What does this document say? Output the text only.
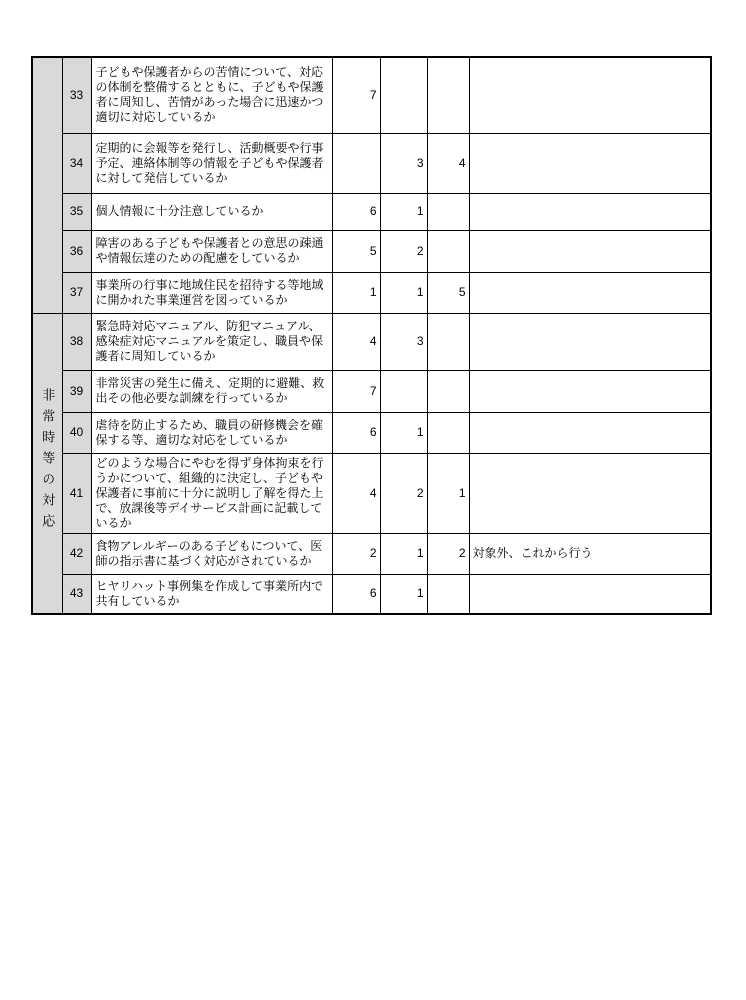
	33	子どもや保護者からの苦情について、対応の体制を整備するとともに、子どもや保護者に周知し、苦情があった場合に迅速かつ適切に対応しているか	7			
	34	定期的に会報等を発行し、活動概要や行事予定、連絡体制等の情報を子どもや保護者に対して発信しているか		3	4	
	35	個人情報に十分注意しているか	6	1		
	36	障害のある子どもや保護者との意思の疎通や情報伝達のための配慮をしているか	5	2		
	37	事業所の行事に地域住民を招待する等地域に開かれた事業運営を図っているか	1	1	5	
非常時等の対応	38	緊急時対応マニュアル、防犯マニュアル、感染症対応マニュアルを策定し、職員や保護者に周知しているか	4	3		
	39	非常災害の発生に備え、定期的に避難、救出その他必要な訓練を行っているか	7			
	40	虐待を防止するため、職員の研修機会を確保する等、適切な対応をしているか	6	1		
	41	どのような場合にやむを得ず身体拘束を行うかについて、組織的に決定し、子どもや保護者に事前に十分に説明し了解を得た上で、放課後等デイサービス計画に記載しているか	4	2	1	
	42	食物アレルギーのある子どもについて、医師の指示書に基づく対応がされているか	2	1	2	対象外、これから行う
	43	ヒヤリハット事例集を作成して事業所内で共有しているか	6	1		
